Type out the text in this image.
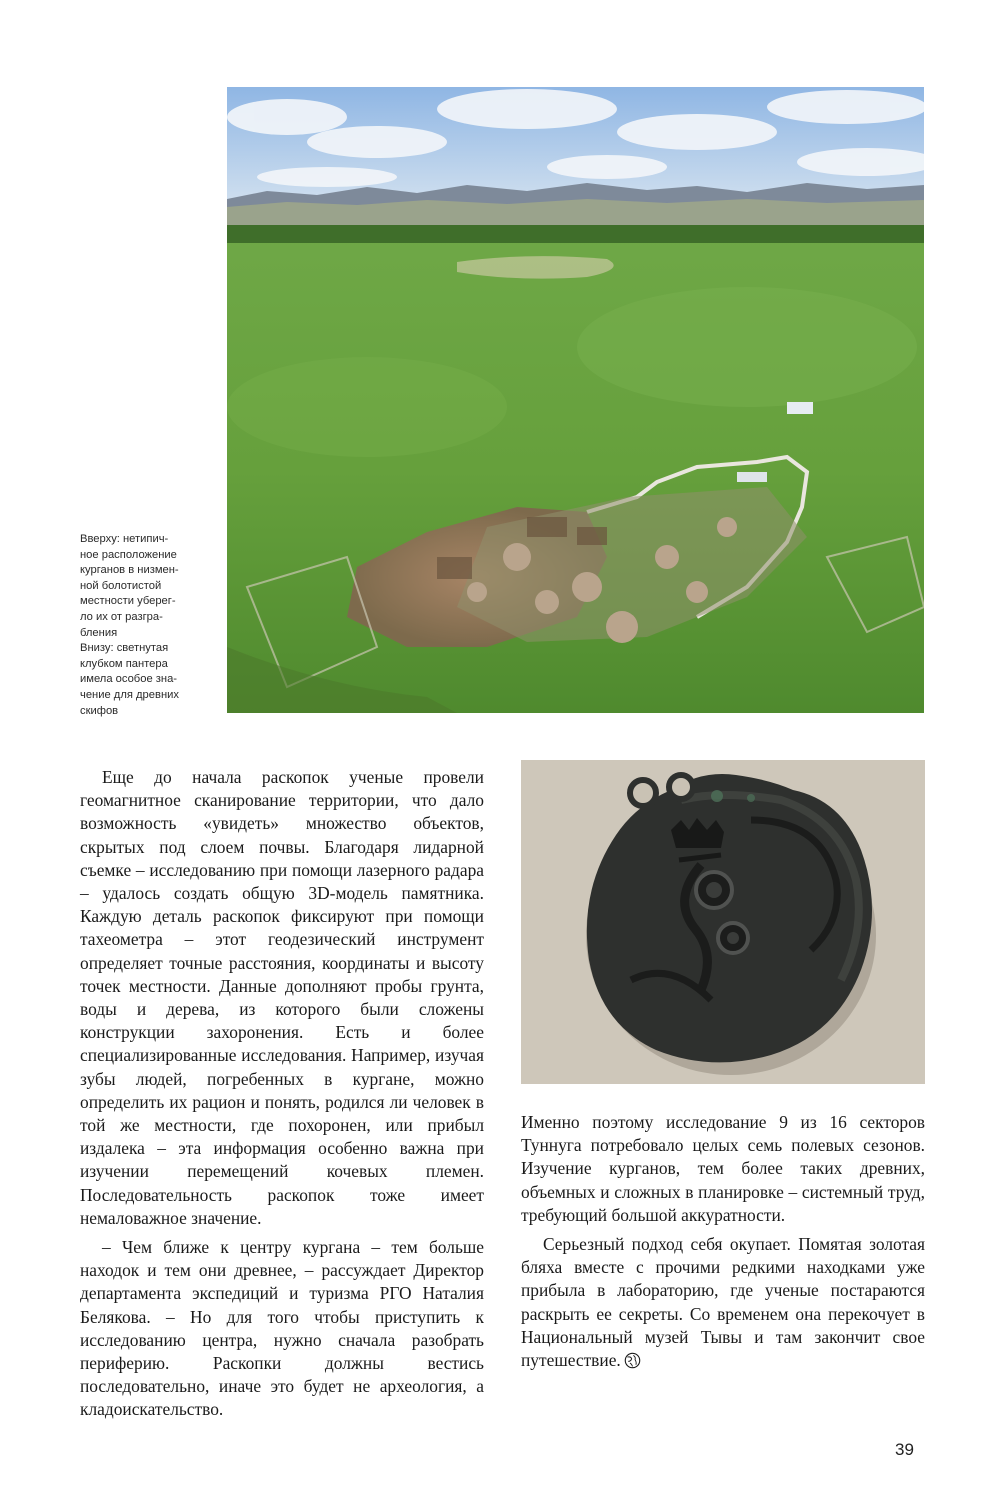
Вверху: нетипич-
ное расположение
курганов в низмен-
ной болотистой
местности уберег-
ло их от разгра-
бления

Внизу: светнутая
клубком пантера
имела особое зна-
чение для древних
скифов

Еще до начала раскопок ученые провели геомагнитное сканирование территории, что дало возможность «увидеть» множество объектов, скрытых под слоем почвы. Благодаря лидарной съемке – исследованию при помощи лазерного радара – удалось создать общую 3D-модель памятника. Каждую деталь раскопок фиксируют при помощи тахеометра – этот геодезический инструмент определяет точные расстояния, координаты и высоту точек местности. Данные дополняют пробы грунта, воды и дерева, из которого были сложены конструкции захоронения. Есть и более специализированные исследования. Например, изучая зубы людей, погребенных в кургане, можно определить их рацион и понять, родился ли человек в той же местности, где похоронен, или прибыл издалека – эта информация особенно важна при изучении перемещений кочевых племен. Последовательность раскопок тоже имеет немаловажное значение.

– Чем ближе к центру кургана – тем больше находок и тем они древнее, – рассуждает Директор департамента экспедиций и туризма РГО Наталия Белякова. – Но для того чтобы приступить к исследованию центра, нужно сначала разобрать периферию. Раскопки должны вестись последовательно, иначе это будет не археология, а кладоискательство.

Именно поэтому исследование 9 из 16 секторов Туннуга потребовало целых семь полевых сезонов. Изучение курганов, тем более таких древних, объемных и сложных в планировке – системный труд, требующий большой аккуратности.

Серьезный подход себя окупает. Помятая золотая бляха вместе с прочими редкими находками уже прибыла в лабораторию, где ученые постараются раскрыть ее секреты. Со временем она перекочует в Национальный музей Тывы и там закончит свое путешествие.

39
